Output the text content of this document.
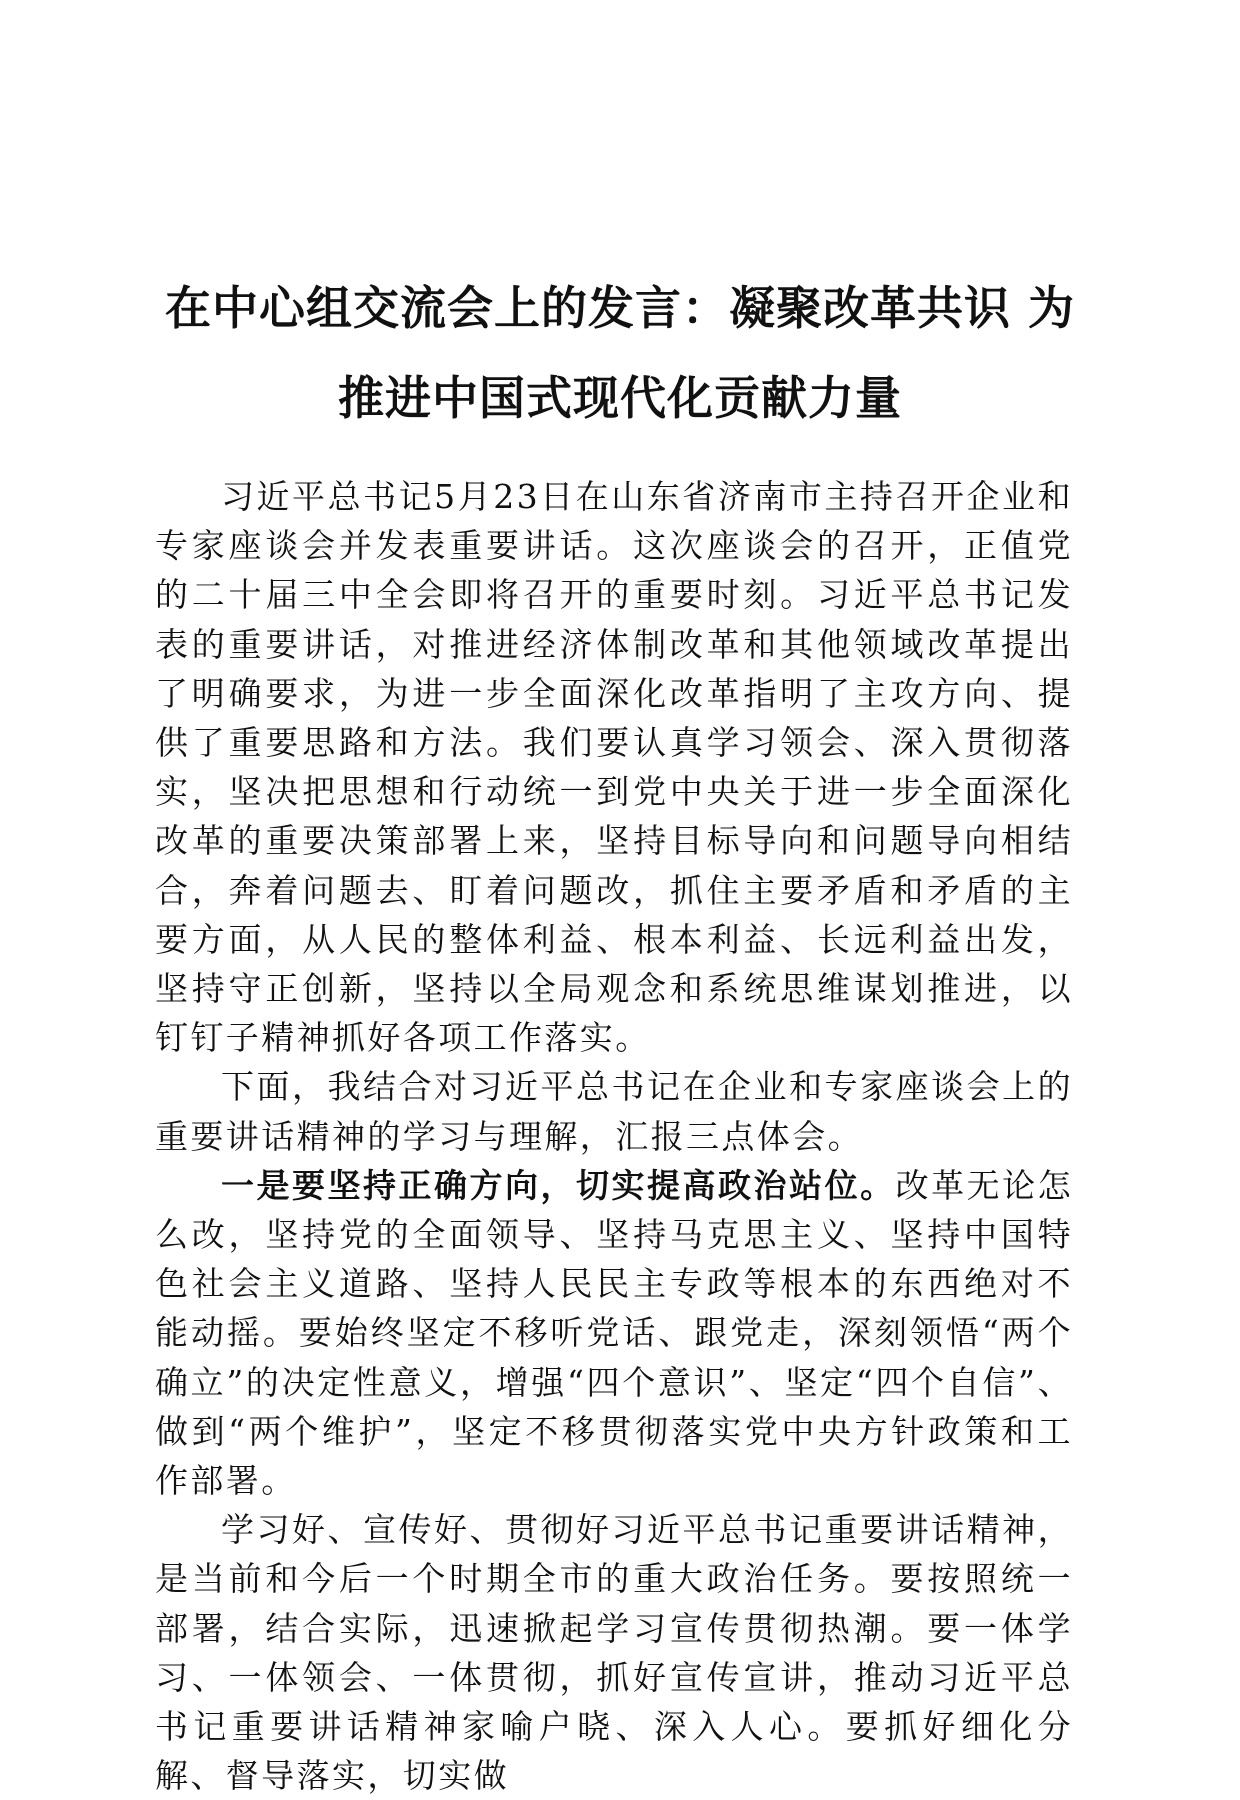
在中心组交流会上的发言：凝聚改革共识 为
推进中国式现代化贡献力量

习近平总书记5月23日在山东省济南市主持召开企业和专家座谈会并发表重要讲话。这次座谈会的召开，正值党的二十届三中全会即将召开的重要时刻。习近平总书记发表的重要讲话，对推进经济体制改革和其他领域改革提出了明确要求，为进一步全面深化改革指明了主攻方向、提供了重要思路和方法。我们要认真学习领会、深入贯彻落实，坚决把思想和行动统一到党中央关于进一步全面深化改革的重要决策部署上来，坚持目标导向和问题导向相结合，奔着问题去、盯着问题改，抓住主要矛盾和矛盾的主要方面，从人民的整体利益、根本利益、长远利益出发，坚持守正创新，坚持以全局观念和系统思维谋划推进，以钉钉子精神抓好各项工作落实。

下面，我结合对习近平总书记在企业和专家座谈会上的重要讲话精神的学习与理解，汇报三点体会。

一是要坚持正确方向，切实提高政治站位。改革无论怎么改，坚持党的全面领导、坚持马克思主义、坚持中国特色社会主义道路、坚持人民民主专政等根本的东西绝对不能动摇。要始终坚定不移听党话、跟党走，深刻领悟“两个确立”的决定性意义，增强“四个意识”、坚定“四个自信”、做到“两个维护”，坚定不移贯彻落实党中央方针政策和工作部署。

学习好、宣传好、贯彻好习近平总书记重要讲话精神，是当前和今后一个时期全市的重大政治任务。要按照统一部署，结合实际，迅速掀起学习宣传贯彻热潮。要一体学习、一体领会、一体贯彻，抓好宣传宣讲，推动习近平总书记重要讲话精神家喻户晓、深入人心。要抓好细化分解、督导落实，切实做
